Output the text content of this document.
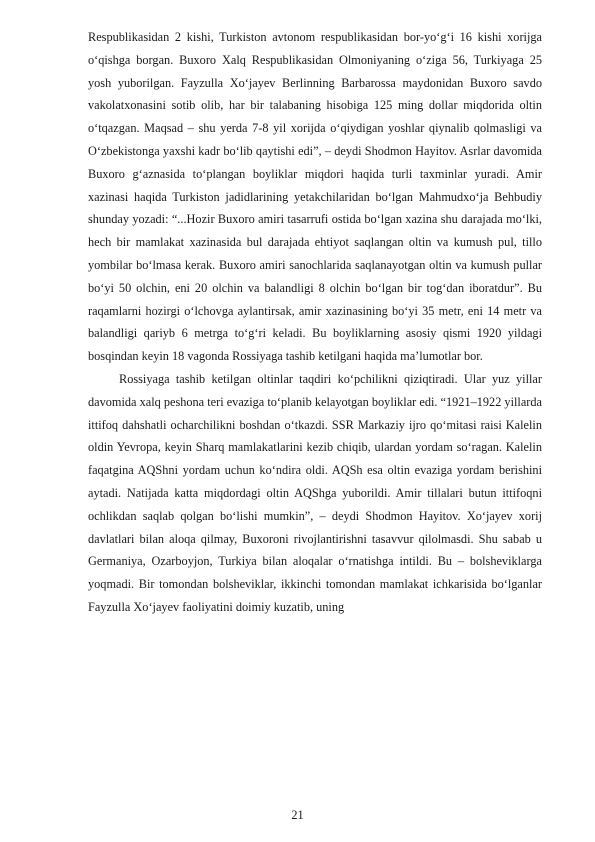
Respublikasidan 2 kishi, Turkiston avtonom respublikasidan bor-yo‘g‘i 16 kishi xorijga o‘qishga borgan. Buxoro Xalq Respublikasidan Olmoniyaning o‘ziga 56, Turkiyaga 25 yosh yuborilgan. Fayzulla Xo‘jayev Berlinning Barbarossa maydonidan Buxoro savdo vakolatxonasini sotib olib, har bir talabaning hisobiga 125 ming dollar miqdorida oltin o‘tqazgan. Maqsad – shu yerda 7-8 yil xorijda o‘qiydigan yoshlar qiynalib qolmasligi va O‘zbekistonga yaxshi kadr bo‘lib qaytishi edi”, – deydi Shodmon Hayitov. Asrlar davomida Buxoro g‘aznasida to‘plangan boyliklar miqdori haqida turli taxminlar yuradi. Amir xazinasi haqida Turkiston jadidlarining yetakchilaridan bo‘lgan Mahmudxo‘ja Behbudiy shunday yozadi: “...Hozir Buxoro amiri tasarrufi ostida bo‘lgan xazina shu darajada mo‘lki, hech bir mamlakat xazinasida bul darajada ehtiyot saqlangan oltin va kumush pul, tillo yombilar bo‘lmasa kerak. Buxoro amiri sanochlarida saqlanayotgan oltin va kumush pullar bo‘yi 50 olchin, eni 20 olchin va balandligi 8 olchin bo‘lgan bir tog‘dan iboratdur”. Bu raqamlarni hozirgi o‘lchovga aylantirsak, amir xazinasining bo‘yi 35 metr, eni 14 metr va balandligi qariyb 6 metrga to‘g‘ri keladi. Bu boyliklarning asosiy qismi 1920 yildagi bosqindan keyin 18 vagonda Rossiyaga tashib ketilgani haqida ma’lumotlar bor.

Rossiyaga tashib ketilgan oltinlar taqdiri ko‘pchilikni qiziqtiradi. Ular yuz yillar davomida xalq peshona teri evaziga to‘planib kelayotgan boyliklar edi. “1921–1922 yillarda ittifoq dahshatli ocharchilikni boshdan o‘tkazdi. SSR Markaziy ijro qo‘mitasi raisi Kalelin oldin Yevropa, keyin Sharq mamlakatlarini kezib chiqib, ulardan yordam so‘ragan. Kalelin faqatgina AQShni yordam uchun ko‘ndira oldi. AQSh esa oltin evaziga yordam berishini aytadi. Natijada katta miqdordagi oltin AQShga yuborildi. Amir tillalari butun ittifoqni ochlikdan saqlab qolgan bo‘lishi mumkin”, – deydi Shodmon Hayitov. Xo‘jayev xorij davlatlari bilan aloqa qilmay, Buxoroni rivojlantirishni tasavvur qilolmasdi. Shu sabab u Germaniya, Ozarboyjon, Turkiya bilan aloqalar o‘rnatishga intildi. Bu – bolsheviklarga yoqmadi. Bir tomondan bolsheviklar, ikkinchi tomondan mamlakat ichkarisida bo‘lganlar Fayzulla Xo‘jayev faoliyatini doimiy kuzatib, uning

21
